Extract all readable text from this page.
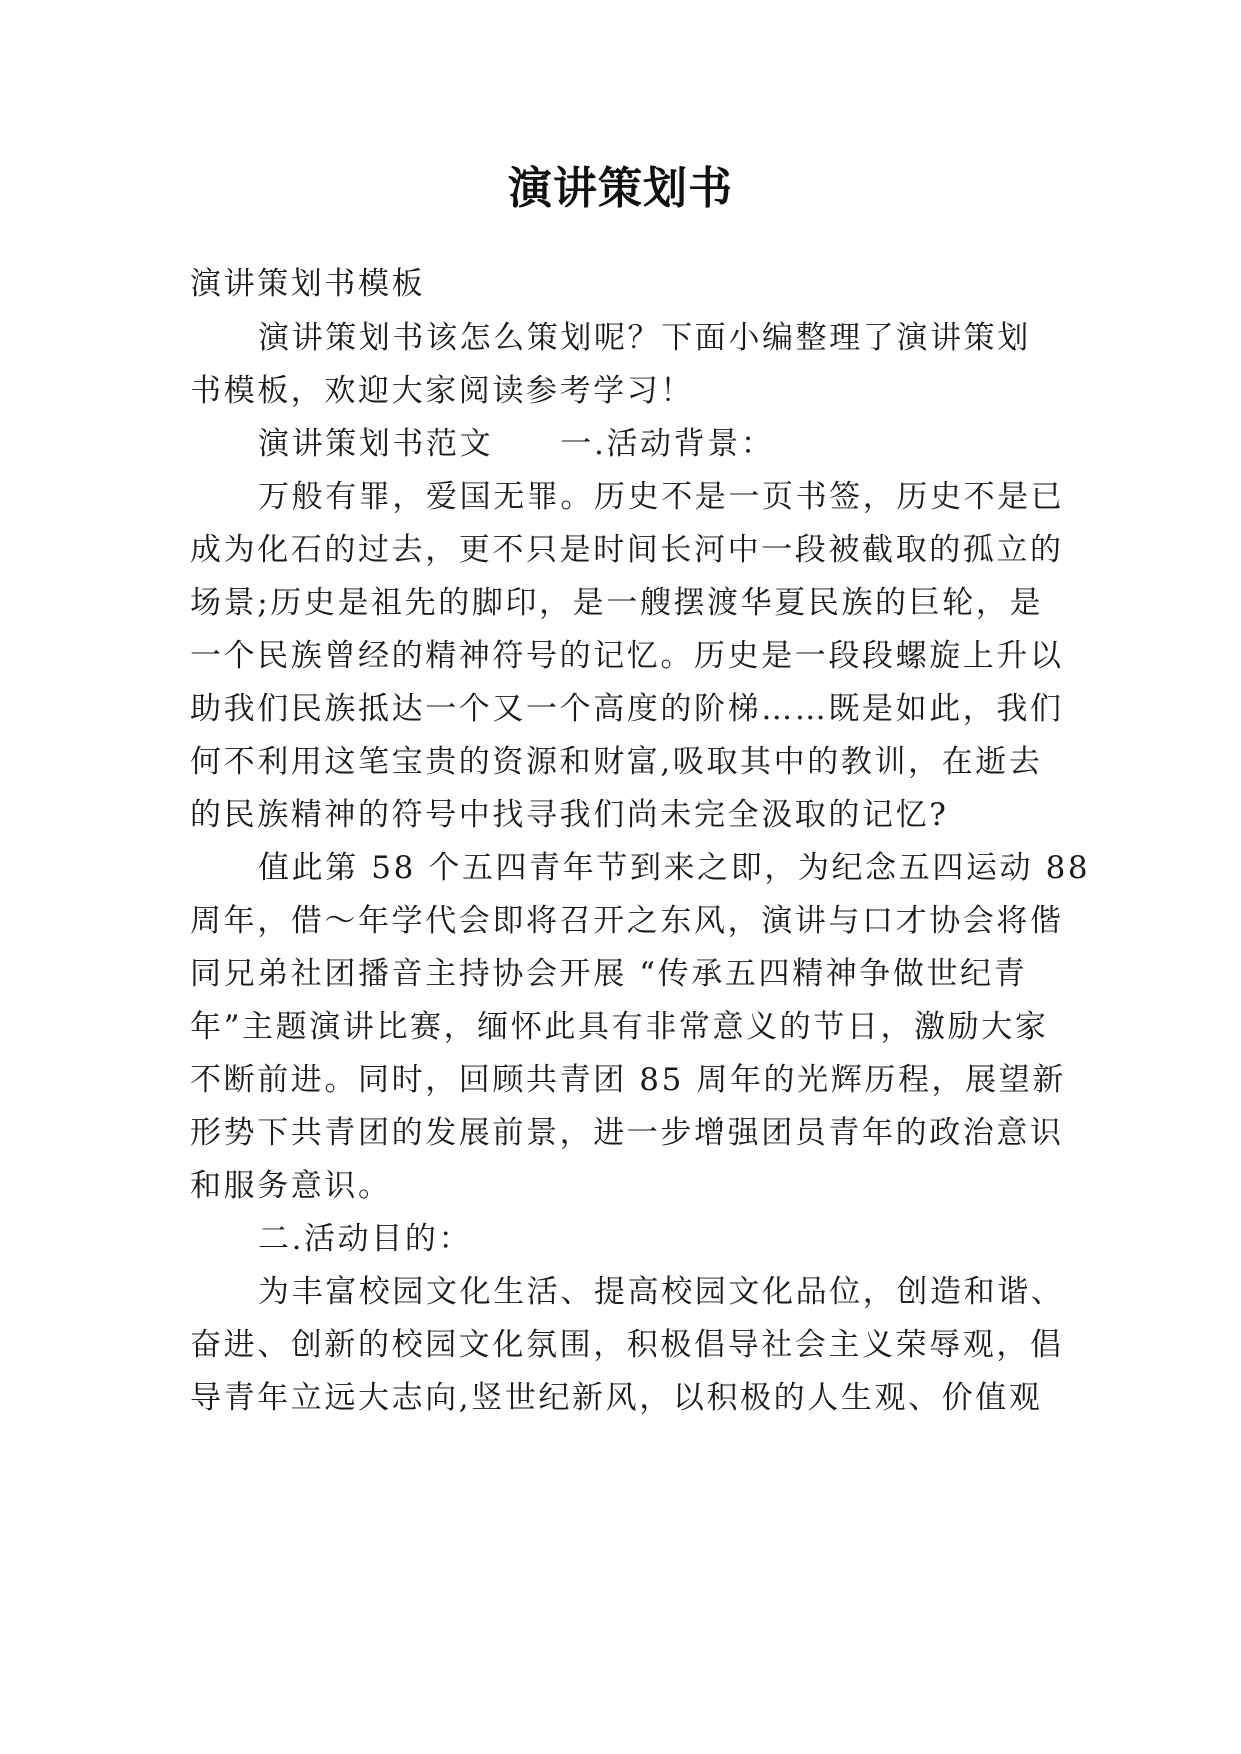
演讲策划书

演讲策划书模板

演讲策划书该怎么策划呢？下面小编整理了演讲策划

书模板，欢迎大家阅读参考学习！

演讲策划书范文　　一.活动背景：

万般有罪，爱国无罪。历史不是一页书签，历史不是已

成为化石的过去，更不只是时间长河中一段被截取的孤立的

场景;历史是祖先的脚印，是一艘摆渡华夏民族的巨轮，是

一个民族曾经的精神符号的记忆。历史是一段段螺旋上升以

助我们民族抵达一个又一个高度的阶梯……既是如此，我们

何不利用这笔宝贵的资源和财富,吸取其中的教训，在逝去

的民族精神的符号中找寻我们尚未完全汲取的记忆?

值此第 58 个五四青年节到来之即，为纪念五四运动 88

周年，借～年学代会即将召开之东风，演讲与口才协会将偕

同兄弟社团播音主持协会开展 “传承五四精神争做世纪青

年”主题演讲比赛，缅怀此具有非常意义的节日，激励大家

不断前进。同时，回顾共青团 85 周年的光辉历程，展望新

形势下共青团的发展前景，进一步增强团员青年的政治意识

和服务意识。

二.活动目的：

为丰富校园文化生活、提高校园文化品位，创造和谐、

奋进、创新的校园文化氛围，积极倡导社会主义荣辱观，倡

导青年立远大志向,竖世纪新风，以积极的人生观、价值观
